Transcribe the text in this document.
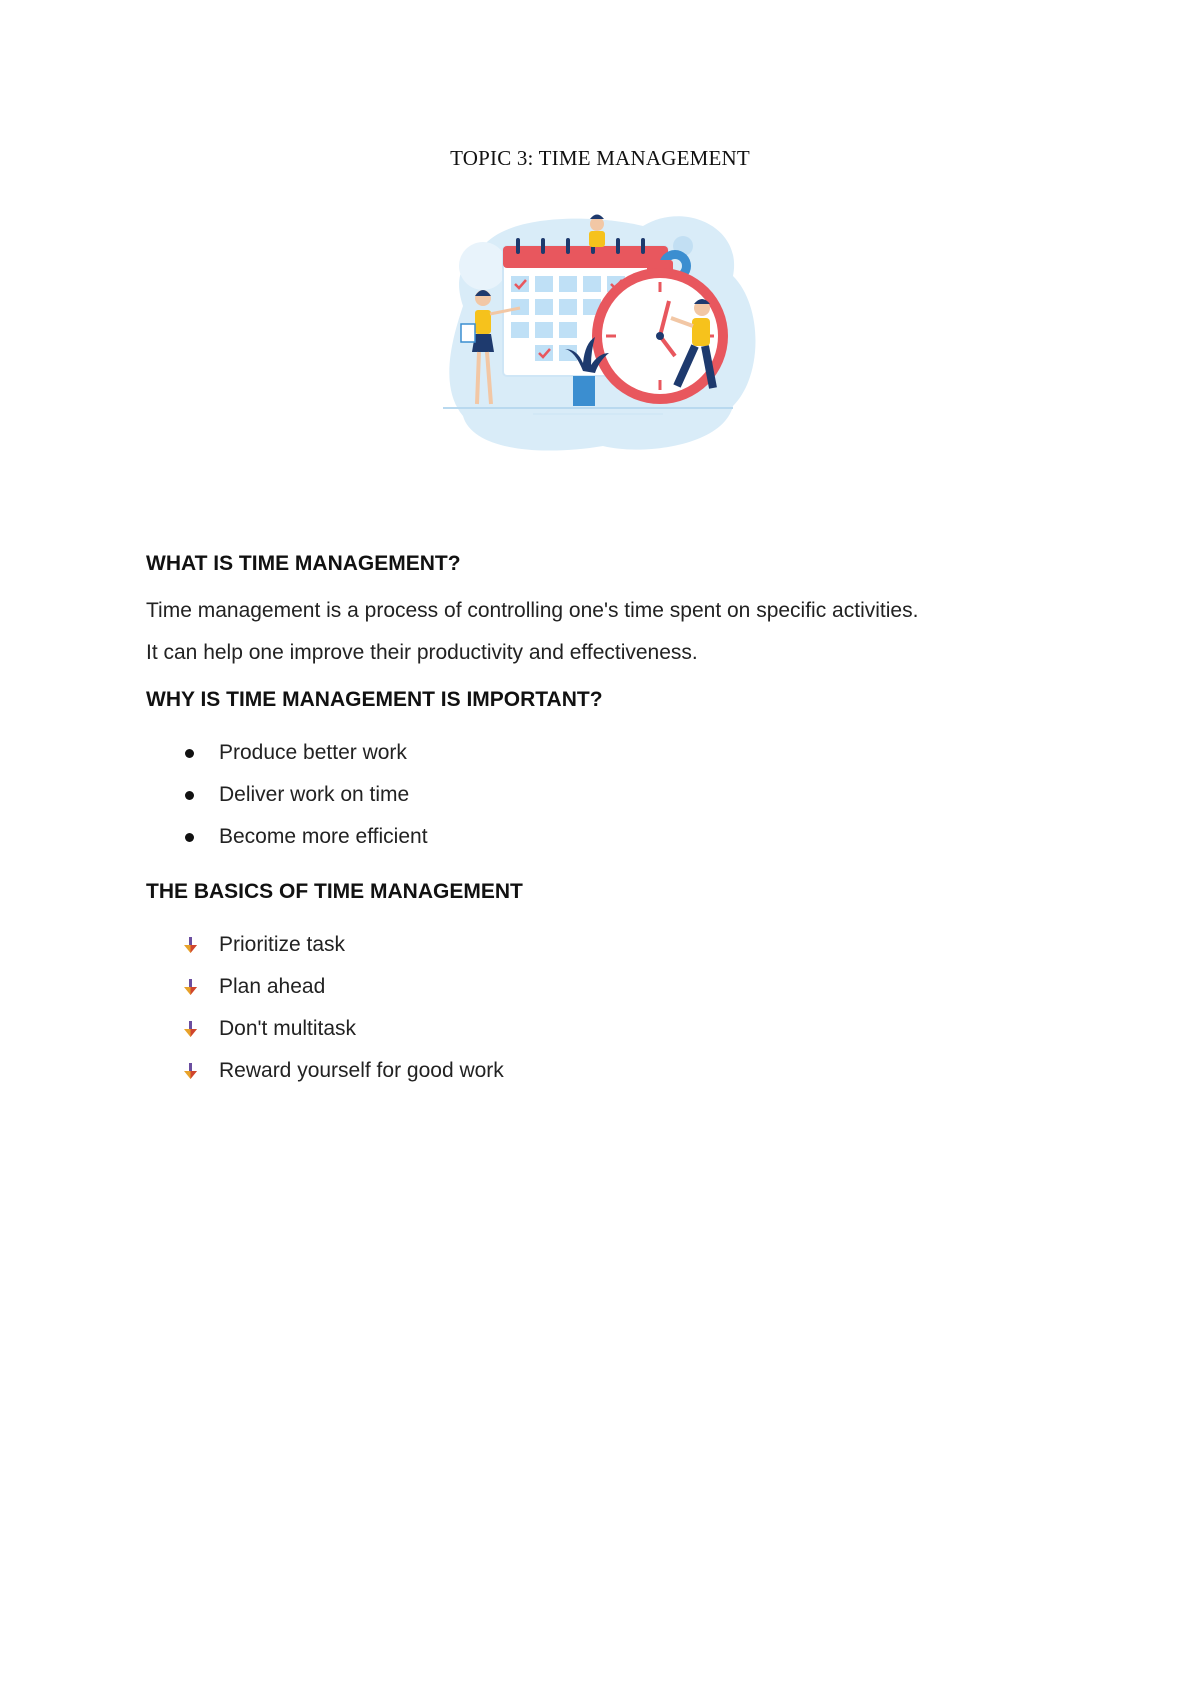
TOPIC 3: TIME MANAGEMENT
WHAT IS TIME MANAGEMENT?

Time management is a process of controlling one's time spent on specific activities.
It can help one improve their productivity and effectiveness.

WHY IS TIME MANAGEMENT IS IMPORTANT?
Produce better work
Deliver work on time
Become more efficient
THE BASICS OF TIME MANAGEMENT
Prioritize task
Plan ahead
Don't multitask
Reward yourself for good work
